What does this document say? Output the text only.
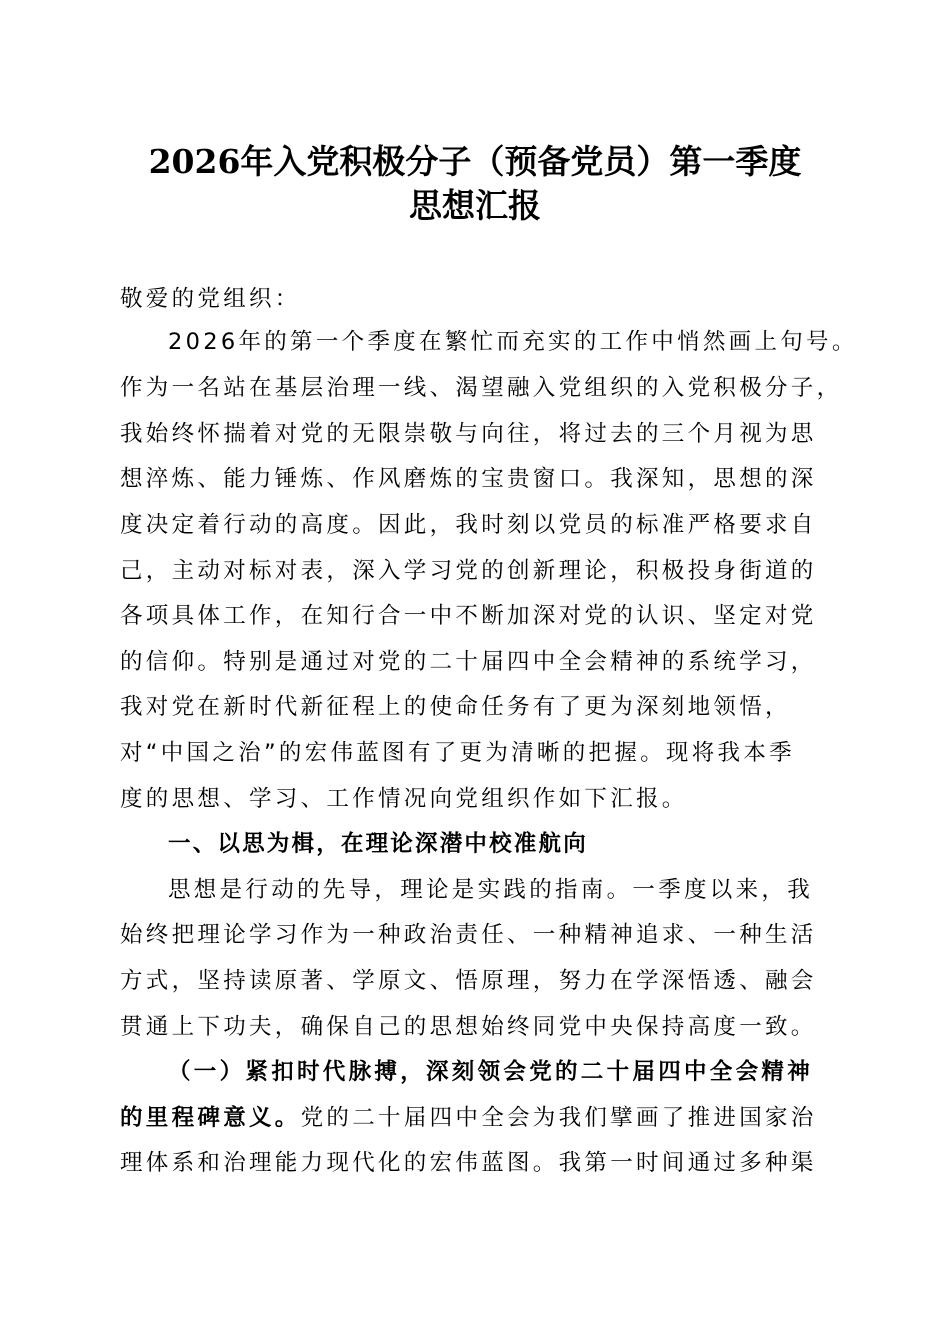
2026年入党积极分子（预备党员）第一季度
思想汇报
敬爱的党组织：
2026年的第一个季度在繁忙而充实的工作中悄然画上句号。
作为一名站在基层治理一线、渴望融入党组织的入党积极分子，
我始终怀揣着对党的无限崇敬与向往，将过去的三个月视为思
想淬炼、能力锤炼、作风磨炼的宝贵窗口。我深知，思想的深
度决定着行动的高度。因此，我时刻以党员的标准严格要求自
己，主动对标对表，深入学习党的创新理论，积极投身街道的
各项具体工作，在知行合一中不断加深对党的认识、坚定对党
的信仰。特别是通过对党的二十届四中全会精神的系统学习，
我对党在新时代新征程上的使命任务有了更为深刻地领悟，
对“中国之治”的宏伟蓝图有了更为清晰的把握。现将我本季
度的思想、学习、工作情况向党组织作如下汇报。
一、以思为楫，在理论深潜中校准航向
思想是行动的先导，理论是实践的指南。一季度以来，我
始终把理论学习作为一种政治责任、一种精神追求、一种生活
方式，坚持读原著、学原文、悟原理，努力在学深悟透、融会
贯通上下功夫，确保自己的思想始终同党中央保持高度一致。
（一）紧扣时代脉搏，深刻领会党的二十届四中全会精神
的里程碑意义。党的二十届四中全会为我们擘画了推进国家治
理体系和治理能力现代化的宏伟蓝图。我第一时间通过多种渠
